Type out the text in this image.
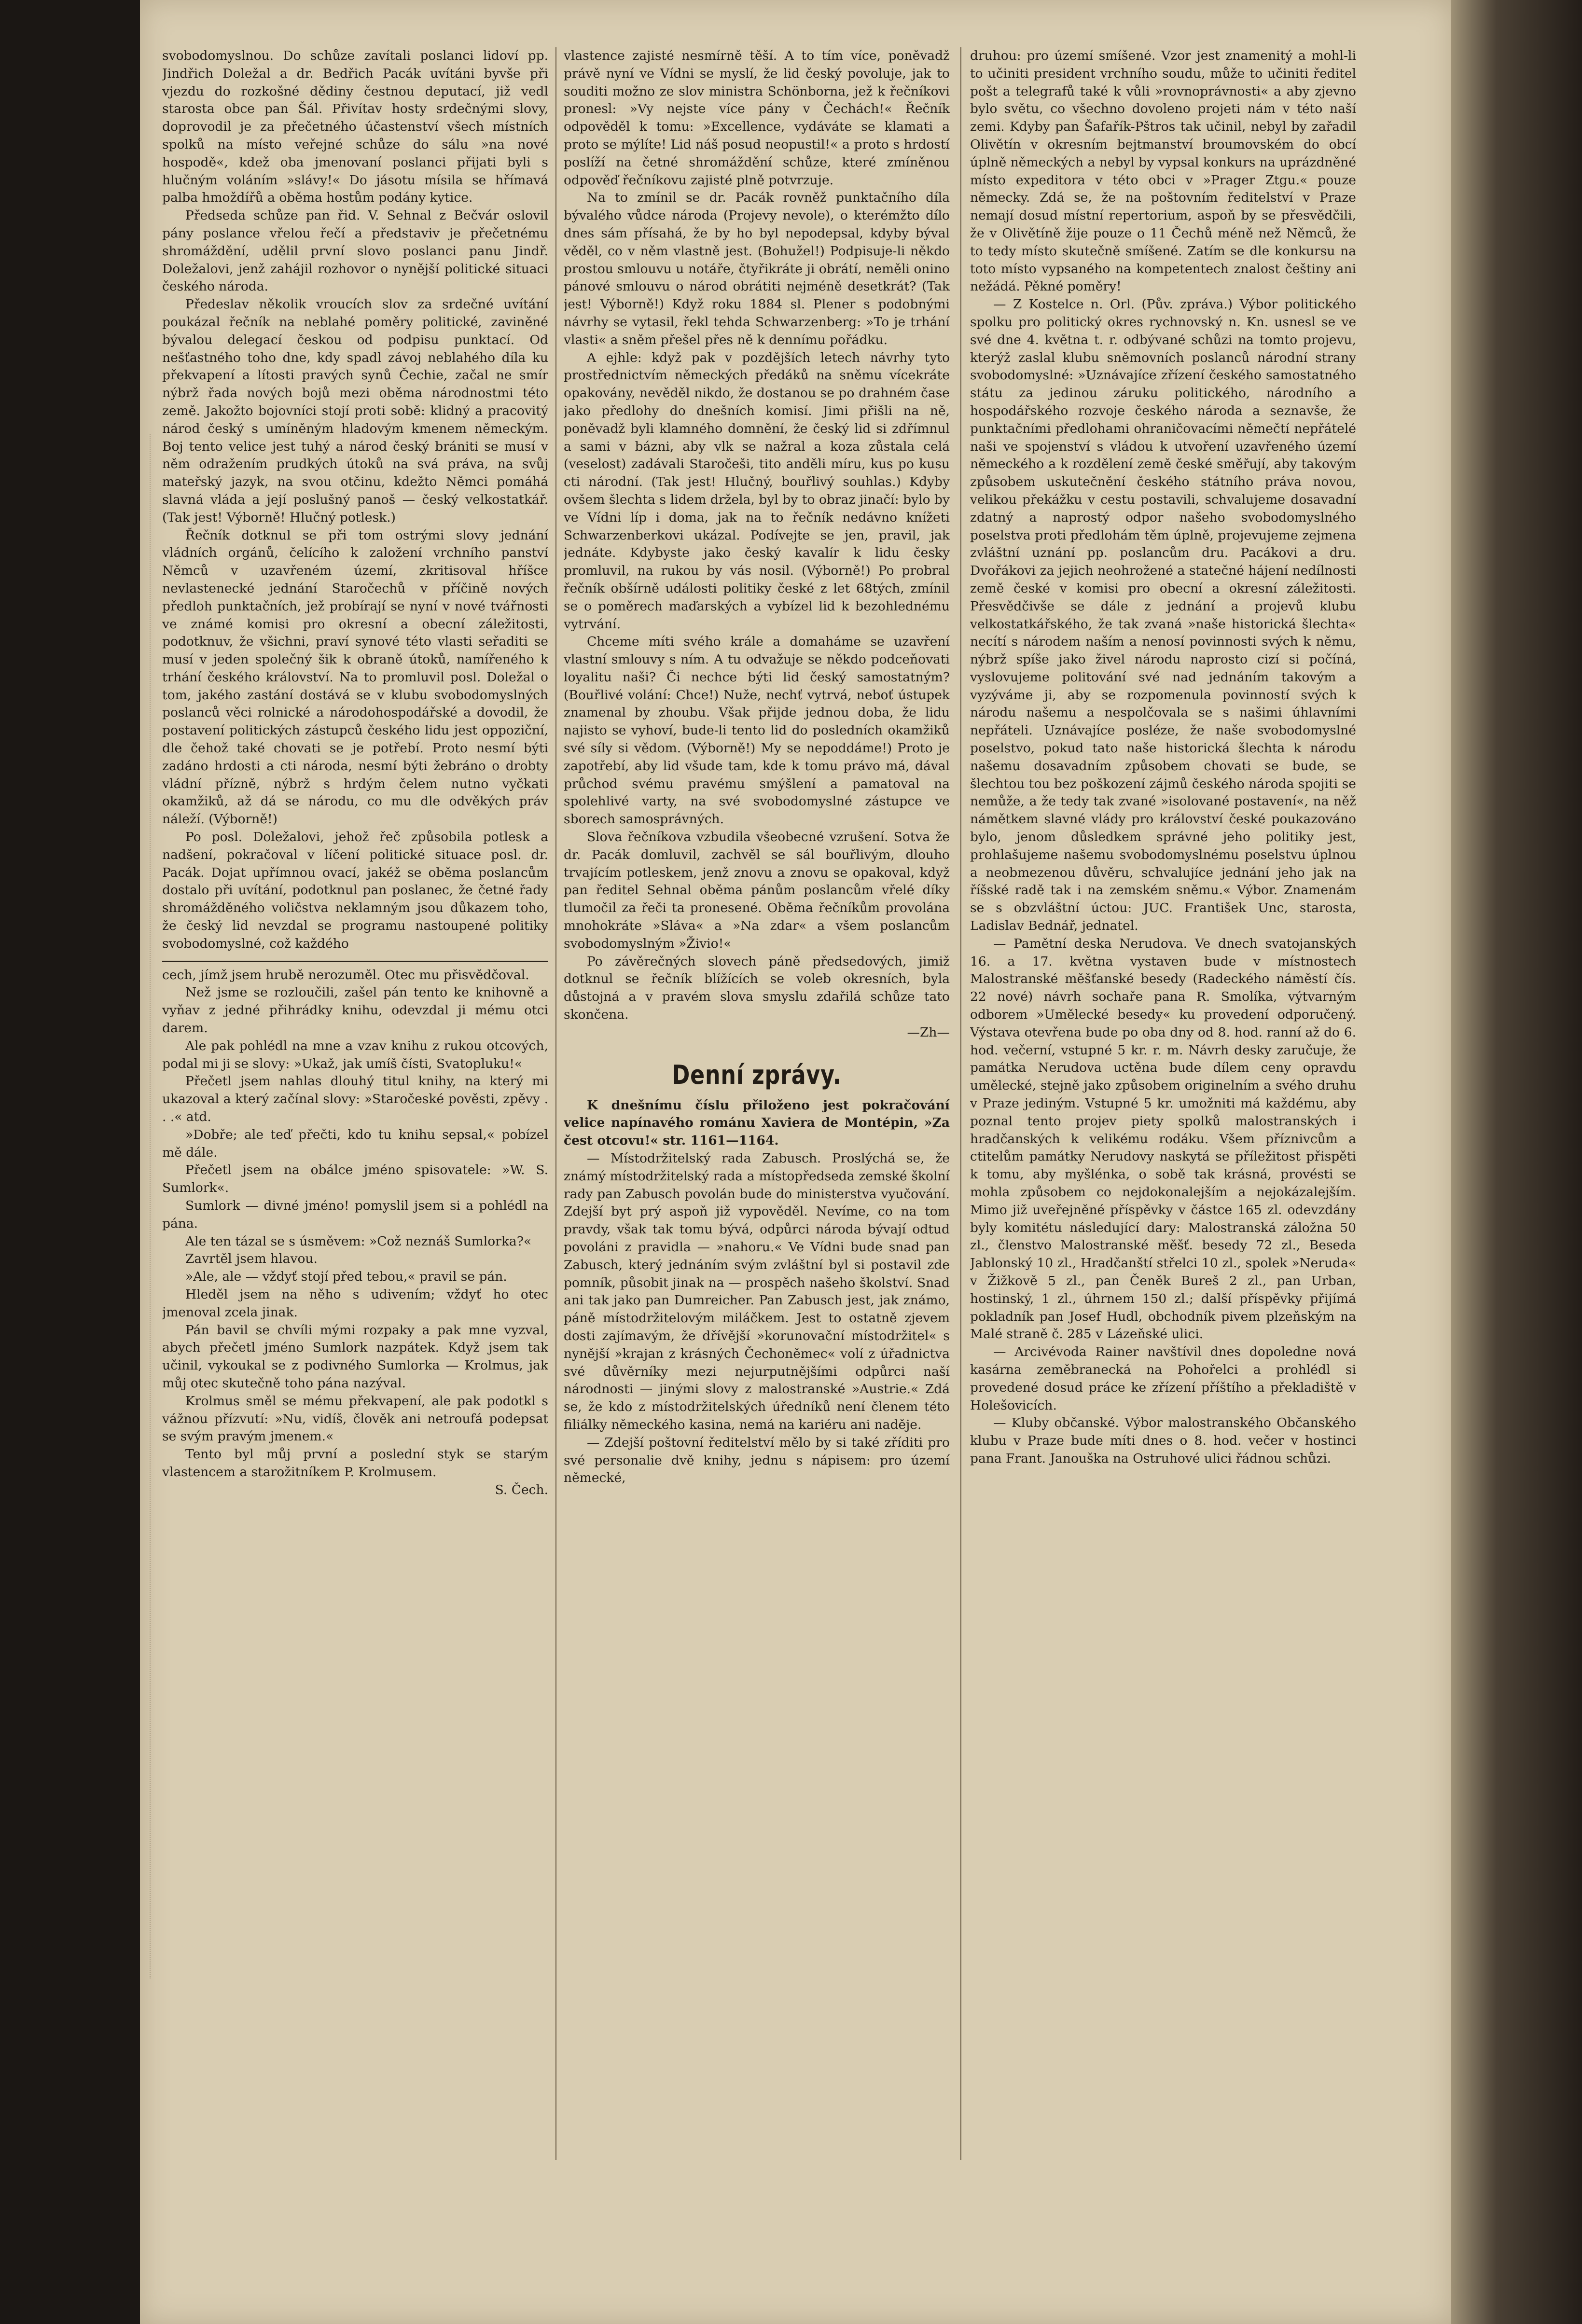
svobodomyslnou. Do schůze zavítali poslanci lidoví pp. Jindřich Doležal a dr. Bedřich Pacák uvítáni byvše při vjezdu do rozkošné dědiny čestnou deputací, již vedl starosta obce pan Šál. Přivítav hosty srdečnými slovy, doprovodil je za přečetného účastenství všech místních spolků na místo veřejné schůze do sálu »na nové hospodě«, kdež oba jmenovaní poslanci přijati byli s hlučným voláním »slávy!« Do jásotu mísila se hřímavá palba hmoždířů a oběma hostům podány kytice.

Předseda schůze pan řid. V. Sehnal z Bečvár oslovil pány poslance vřelou řečí a představiv je přečetnému shromáždění, udělil první slovo poslanci panu Jindř. Doležalovi, jenž zahájil rozhovor o nynější politické situaci českého národa.

Předeslav několik vroucích slov za srdečné uvítání poukázal řečník na neblahé poměry politické, zaviněné bývalou delegací českou od podpisu punktací. Od nešťastného toho dne, kdy spadl závoj neblahého díla ku překvapení a lítosti pravých synů Čechie, začal ne smír nýbrž řada nových bojů mezi oběma národnostmi této země. Jakožto bojovníci stojí proti sobě: klidný a pracovitý národ český s umíněným hladovým kmenem německým. Boj tento velice jest tuhý a národ český brániti se musí v něm odražením prudkých útoků na svá práva, na svůj mateřský jazyk, na svou otčinu, kdežto Němci pomáhá slavná vláda a její poslušný panoš — český velkostatkář. (Tak jest! Výborně! Hlučný potlesk.)

Řečník dotknul se při tom ostrými slovy jednání vládních orgánů, čelícího k založení vrchního panství Němců v uzavřeném území, zkritisoval hříšce nevlastenecké jednání Staročechů v příčině nových předloh punktačních, jež probírají se nyní v nové tvářnosti ve známé komisi pro okresní a obecní záležitosti, podotknuv, že všichni, praví synové této vlasti seřaditi se musí v jeden společný šik k obraně útoků, namířeného k trhání českého království. Na to promluvil posl. Doležal o tom, jakého zastání dostává se v klubu svobodomyslných poslanců věci rolnické a národohospodářské a dovodil, že postavení politických zástupců českého lidu jest oppoziční, dle čehož také chovati se je potřebí. Proto nesmí býti zadáno hrdosti a cti národa, nesmí býti žebráno o drobty vládní přízně, nýbrž s hrdým čelem nutno vyčkati okamžiků, až dá se národu, co mu dle odvěkých práv náleží. (Výborně!)

Po posl. Doležalovi, jehož řeč způsobila potlesk a nadšení, pokračoval v líčení politické situace posl. dr. Pacák. Dojat upřímnou ovací, jakéž se oběma poslancům dostalo při uvítání, podotknul pan poslanec, že četné řady shromážděného voličstva neklamným jsou důkazem toho, že český lid nevzdal se programu nastoupené politiky svobodomyslné, což každého

cech, jímž jsem hrubě nerozuměl. Otec mu přisvědčoval.

Než jsme se rozloučili, zašel pán tento ke knihovně a vyňav z jedné přihrádky knihu, odevzdal ji mému otci darem.

Ale pak pohlédl na mne a vzav knihu z rukou otcových, podal mi ji se slovy: »Ukaž, jak umíš čísti, Svatopluku!«

Přečetl jsem nahlas dlouhý titul knihy, na který mi ukazoval a který začínal slovy: »Staročeské pověsti, zpěvy . . .« atd.

»Dobře; ale teď přečti, kdo tu knihu sepsal,« pobízel mě dále.

Přečetl jsem na obálce jméno spisovatele: »W. S. Sumlork«.

Sumlork — divné jméno! pomyslil jsem si a pohlédl na pána.

Ale ten tázal se s úsměvem: »Což neznáš Sumlorka?«

Zavrtěl jsem hlavou.

»Ale, ale — vždyť stojí před tebou,« pravil se pán.

Hleděl jsem na něho s udivením; vždyť ho otec jmenoval zcela jinak.

Pán bavil se chvíli mými rozpaky a pak mne vyzval, abych přečetl jméno Sumlork nazpátek. Když jsem tak učinil, vykoukal se z podivného Sumlorka — Krolmus, jak můj otec skutečně toho pána nazýval.

Krolmus směl se mému překvapení, ale pak podotkl s vážnou přízvutí: »Nu, vidíš, člověk ani netroufá podepsat se svým pravým jmenem.«

Tento byl můj první a poslední styk se starým vlastencem a starožitníkem P. Krolmusem.

S. Čech.

vlastence zajisté nesmírně těší. A to tím více, poněvadž právě nyní ve Vídni se myslí, že lid český povoluje, jak to souditi možno ze slov ministra Schönborna, jež k řečníkovi pronesl: »Vy nejste více pány v Čechách!« Řečník odpověděl k tomu: »Excellence, vydáváte se klamati a proto se mýlíte! Lid náš posud neopustil!« a proto s hrdostí poslíží na četné shromáždění schůze, které zmíněnou odpověď řečníkovu zajisté plně potvrzuje.

Na to zmínil se dr. Pacák rovněž punktačního díla bývalého vůdce národa (Projevy nevole), o kterémžto dílo dnes sám přísahá, že by ho byl nepodepsal, kdyby býval věděl, co v něm vlastně jest. (Bohužel!) Podpisuje-li někdo prostou smlouvu u notáře, čtyřikráte ji obrátí, neměli onino pánové smlouvu o národ obrátiti nejméně desetkrát? (Tak jest! Výborně!) Když roku 1884 sl. Plener s podobnými návrhy se vytasil, řekl tehda Schwarzenberg: »To je trhání vlasti« a sněm přešel přes ně k dennímu pořádku.

A ejhle: když pak v pozdějších letech návrhy tyto prostřednictvím německých předáků na sněmu vícekráte opakovány, nevěděl nikdo, že dostanou se po drahném čase jako předlohy do dnešních komisí. Jimi přišli na ně, poněvadž byli klamného domnění, že český lid si zdřímnul a sami v bázni, aby vlk se nažral a koza zůstala celá (veselost) zadávali Staročeši, tito anděli míru, kus po kusu cti národní. (Tak jest! Hlučný, bouřlivý souhlas.) Kdyby ovšem šlechta s lidem držela, byl by to obraz jinačí: bylo by ve Vídni líp i doma, jak na to řečník nedávno knížeti Schwarzenberkovi ukázal. Podívejte se jen, pravil, jak jednáte. Kdybyste jako český kavalír k lidu česky promluvil, na rukou by vás nosil. (Výborně!) Po probral řečník obšírně události politiky české z let 68tých, zmínil se o poměrech maďarských a vybízel lid k bezohlednému vytrvání.

Chceme míti svého krále a domaháme se uzavření vlastní smlouvy s ním. A tu odvažuje se někdo podceňovati loyalitu naši? Či nechce býti lid český samostatným? (Bouřlivé volání: Chce!) Nuže, nechť vytrvá, neboť ústupek znamenal by zhoubu. Však přijde jednou doba, že lidu najisto se vyhoví, bude-li tento lid do posledních okamžiků své síly si vědom. (Výborně!) My se nepoddáme!) Proto je zapotřebí, aby lid všude tam, kde k tomu právo má, dával průchod svému pravému smýšlení a pamatoval na spolehlivé varty, na své svobodomyslné zástupce ve sborech samosprávných.

Slova řečníkova vzbudila všeobecné vzrušení. Sotva že dr. Pacák domluvil, zachvěl se sál bouřlivým, dlouho trvajícím potleskem, jenž znovu a znovu se opakoval, když pan ředitel Sehnal oběma pánům poslancům vřelé díky tlumočil za řeči ta pronesené. Oběma řečníkům provolána mnohokráte »Sláva« a »Na zdar« a všem poslancům svobodomyslným »Živio!«

Po závěrečných slovech páně předsedových, jimiž dotknul se řečník blížících se voleb okresních, byla důstojná a v pravém slova smyslu zdařilá schůze tato skončena.

—Zh—

Denní zprávy.

K dnešnímu číslu přiloženo jest pokračování velice napínavého románu Xaviera de Montépin, »Za čest otcovu!« str. 1161—1164.

— Místodržitelský rada Zabusch. Proslýchá se, že známý místodržitelský rada a místopředseda zemské školní rady pan Zabusch povolán bude do ministerstva vyučování. Zdejší byt prý aspoň již vypověděl. Nevíme, co na tom pravdy, však tak tomu bývá, odpůrci národa bývají odtud povoláni z pravidla — »nahoru.« Ve Vídni bude snad pan Zabusch, který jednáním svým zvláštní byl si postavil zde pomník, působit jinak na — prospěch našeho školství. Snad ani tak jako pan Dumreicher. Pan Zabusch jest, jak známo, páně místodržitelovým miláčkem. Jest to ostatně zjevem dosti zajímavým, že dřívější »korunovační místodržitel« s nynější »krajan z krásných Čechoněmec« volí z úřadnictva své důvěrníky mezi nejurputnějšími odpůrci naší národnosti — jinými slovy z malostranské »Austrie.« Zdá se, že kdo z místodržitelských úředníků není členem této filiálky německého kasina, nemá na kariéru ani naděje.

— Zdejší poštovní ředitelství mělo by si také zříditi pro své personalie dvě knihy, jednu s nápisem: pro území německé,

druhou: pro území smíšené. Vzor jest znamenitý a mohl-li to učiniti president vrchního soudu, může to učiniti ředitel pošt a telegrafů také k vůli »rovnoprávnosti« a aby zjevno bylo světu, co všechno dovoleno projeti nám v této naší zemi. Kdyby pan Šafařík-Pštros tak učinil, nebyl by zařadil Olivětín v okresním bejtmanství broumovském do obcí úplně německých a nebyl by vypsal konkurs na uprázdněné místo expeditora v této obci v »Prager Ztgu.« pouze německy. Zdá se, že na poštovním ředitelství v Praze nemají dosud místní repertorium, aspoň by se přesvědčili, že v Olivětíně žije pouze o 11 Čechů méně než Němců, že to tedy místo skutečně smíšené. Zatím se dle konkursu na toto místo vypsaného na kompetentech znalost češtiny ani nežádá. Pěkné poměry!

— Z Kostelce n. Orl. (Pův. zpráva.) Výbor politického spolku pro politický okres rychnovský n. Kn. usnesl se ve své dne 4. května t. r. odbývané schůzi na tomto projevu, kterýž zaslal klubu sněmovních poslanců národní strany svobodomyslné: »Uznávajíce zřízení českého samostatného státu za jedinou záruku politického, národního a hospodářského rozvoje českého národa a seznavše, že punktačními předlohami ohraničovacími němečtí nepřátelé naši ve spojenství s vládou k utvoření uzavřeného území německého a k rozdělení země české směřují, aby takovým způsobem uskutečnění českého státního práva novou, velikou překážku v cestu postavili, schvalujeme dosavadní zdatný a naprostý odpor našeho svobodomyslného poselstva proti předlohám těm úplně, projevujeme zejmena zvláštní uznání pp. poslancům dru. Pacákovi a dru. Dvořákovi za jejich neohrožené a statečné hájení nedílnosti země české v komisi pro obecní a okresní záležitosti. Přesvědčivše se dále z jednání a projevů klubu velkostatkářského, že tak zvaná »naše historická šlechta« necítí s národem naším a nenosí povinnosti svých k němu, nýbrž spíše jako živel národu naprosto cizí si počíná, vyslovujeme politování své nad jednáním takovým a vyzýváme ji, aby se rozpomenula povinností svých k národu našemu a nespolčovala se s našimi úhlavními nepřáteli. Uznávajíce posléze, že naše svobodomyslné poselstvo, pokud tato naše historická šlechta k národu našemu dosavadním způsobem chovati se bude, se šlechtou tou bez poškození zájmů českého národa spojiti se nemůže, a že tedy tak zvané »isolované postavení«, na něž námětkem slavné vlády pro království české poukazováno bylo, jenom důsledkem správné jeho politiky jest, prohlašujeme našemu svobodomyslnému poselstvu úplnou a neobmezenou důvěru, schvalujíce jednání jeho jak na říšské radě tak i na zemském sněmu.« Výbor. Znamenám se s obzvláštní úctou: JUC. František Unc, starosta, Ladislav Bednář, jednatel.

— Pamětní deska Nerudova. Ve dnech svatojanských 16. a 17. května vystaven bude v místnostech Malostranské měšťanské besedy (Radeckého náměstí čís. 22 nové) návrh sochaře pana R. Smolíka, výtvarným odborem »Umělecké besedy« ku provedení odporučený. Výstava otevřena bude po oba dny od 8. hod. ranní až do 6. hod. večerní, vstupné 5 kr. r. m. Návrh desky zaručuje, že památka Nerudova uctěna bude dílem ceny opravdu umělecké, stejně jako způsobem originelním a svého druhu v Praze jediným. Vstupné 5 kr. umožniti má každému, aby poznal tento projev piety spolků malostranských i hradčanských k velikému rodáku. Všem příznivcům a ctitelům památky Nerudovy naskytá se příležitost přispěti k tomu, aby myšlénka, o sobě tak krásná, provésti se mohla způsobem co nejdokonalejším a nejokázalejším. Mimo již uveřejněné příspěvky v částce 165 zl. odevzdány byly komitétu následující dary: Malostranská záložna 50 zl., členstvo Malostranské měšť. besedy 72 zl., Beseda Jablonský 10 zl., Hradčanští střelci 10 zl., spolek »Neruda« v Žižkově 5 zl., pan Čeněk Bureš 2 zl., pan Urban, hostinský, 1 zl., úhrnem 150 zl.; další příspěvky přijímá pokladník pan Josef Hudl, obchodník pivem plzeňským na Malé straně č. 285 v Lázeňské ulici.

— Arcivévoda Rainer navštívil dnes dopoledne nová kasárna zeměbranecká na Pohořelci a prohlédl si provedené dosud práce ke zřízení příštího a překladiště v Holešovicích.

— Kluby občanské. Výbor malostranského Občanského klubu v Praze bude míti dnes o 8. hod. večer v hostinci pana Frant. Janouška na Ostruhové ulici řádnou schůzi.
